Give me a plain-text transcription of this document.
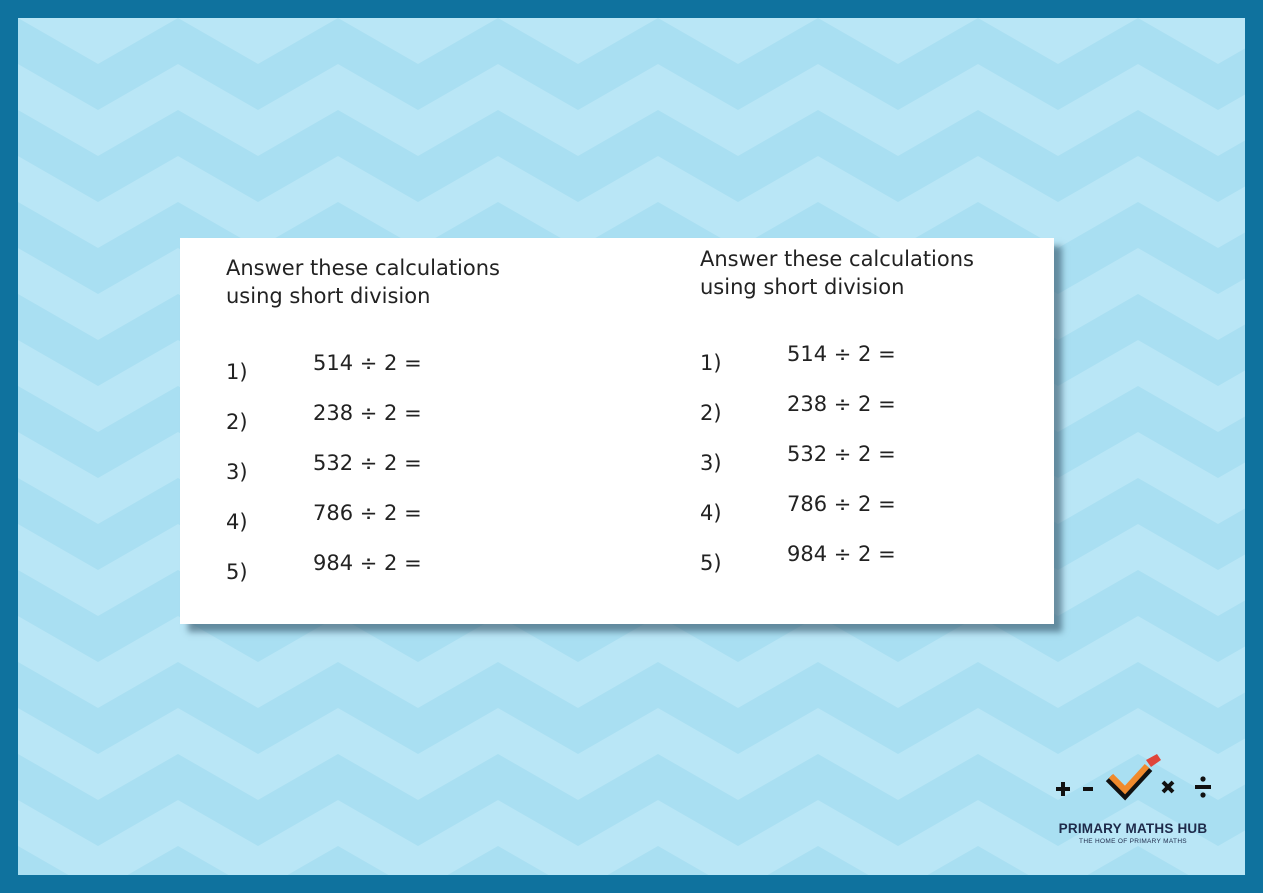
Answer these calculations using short division

1)	514 ÷ 2 =
2)	238 ÷ 2 =
3)	532 ÷ 2 =
4)	786 ÷ 2 =
5)	984 ÷ 2 =

Answer these calculations using short division

1)	514 ÷ 2 =
2)	238 ÷ 2 =
3)	532 ÷ 2 =
4)	786 ÷ 2 =
5)	984 ÷ 2 =
PRIMARY MATHS HUB
THE HOME OF PRIMARY MATHS
